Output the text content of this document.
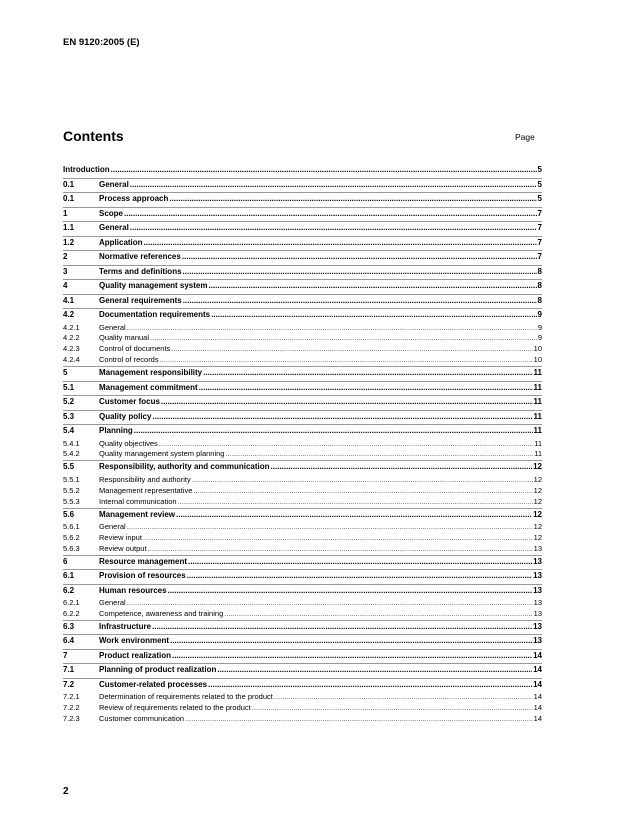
EN 9120:2005 (E)
Contents	Page
Introduction .....	5
0.1	General .....	5
0.1	Process approach .....	5
1	Scope .....	7
1.1	General .....	7
1.2	Application .....	7
2	Normative references .....	7
3	Terms and definitions .....	8
4	Quality management system .....	8
4.1	General requirements .....	8
4.2	Documentation requirements .....	9
4.2.1	General .....	9
4.2.2	Quality manual .....	9
4.2.3	Control of documents .....	10
4.2.4	Control of records .....	10
5	Management responsibility .....	11
5.1	Management commitment .....	11
5.2	Customer focus .....	11
5.3	Quality policy .....	11
5.4	Planning .....	11
5.4.1	Quality objectives .....	11
5.4.2	Quality management system planning .....	11
5.5	Responsibility, authority and communication .....	12
5.5.1	Responsibility and authority .....	12
5.5.2	Management representative .....	12
5.5.3	Internal communication .....	12
5.6	Management review .....	12
5.6.1	General .....	12
5.6.2	Review input .....	12
5.6.3	Review output .....	13
6	Resource management .....	13
6.1	Provision of resources .....	13
6.2	Human resources .....	13
6.2.1	General .....	13
6.2.2	Competence, awareness and training .....	13
6.3	Infrastructure .....	13
6.4	Work environment .....	13
7	Product realization .....	14
7.1	Planning of product realization .....	14
7.2	Customer-related processes .....	14
7.2.1	Determination of requirements related to the product .....	14
7.2.2	Review of requirements related to the product .....	14
7.2.3	Customer communication .....	14
2
